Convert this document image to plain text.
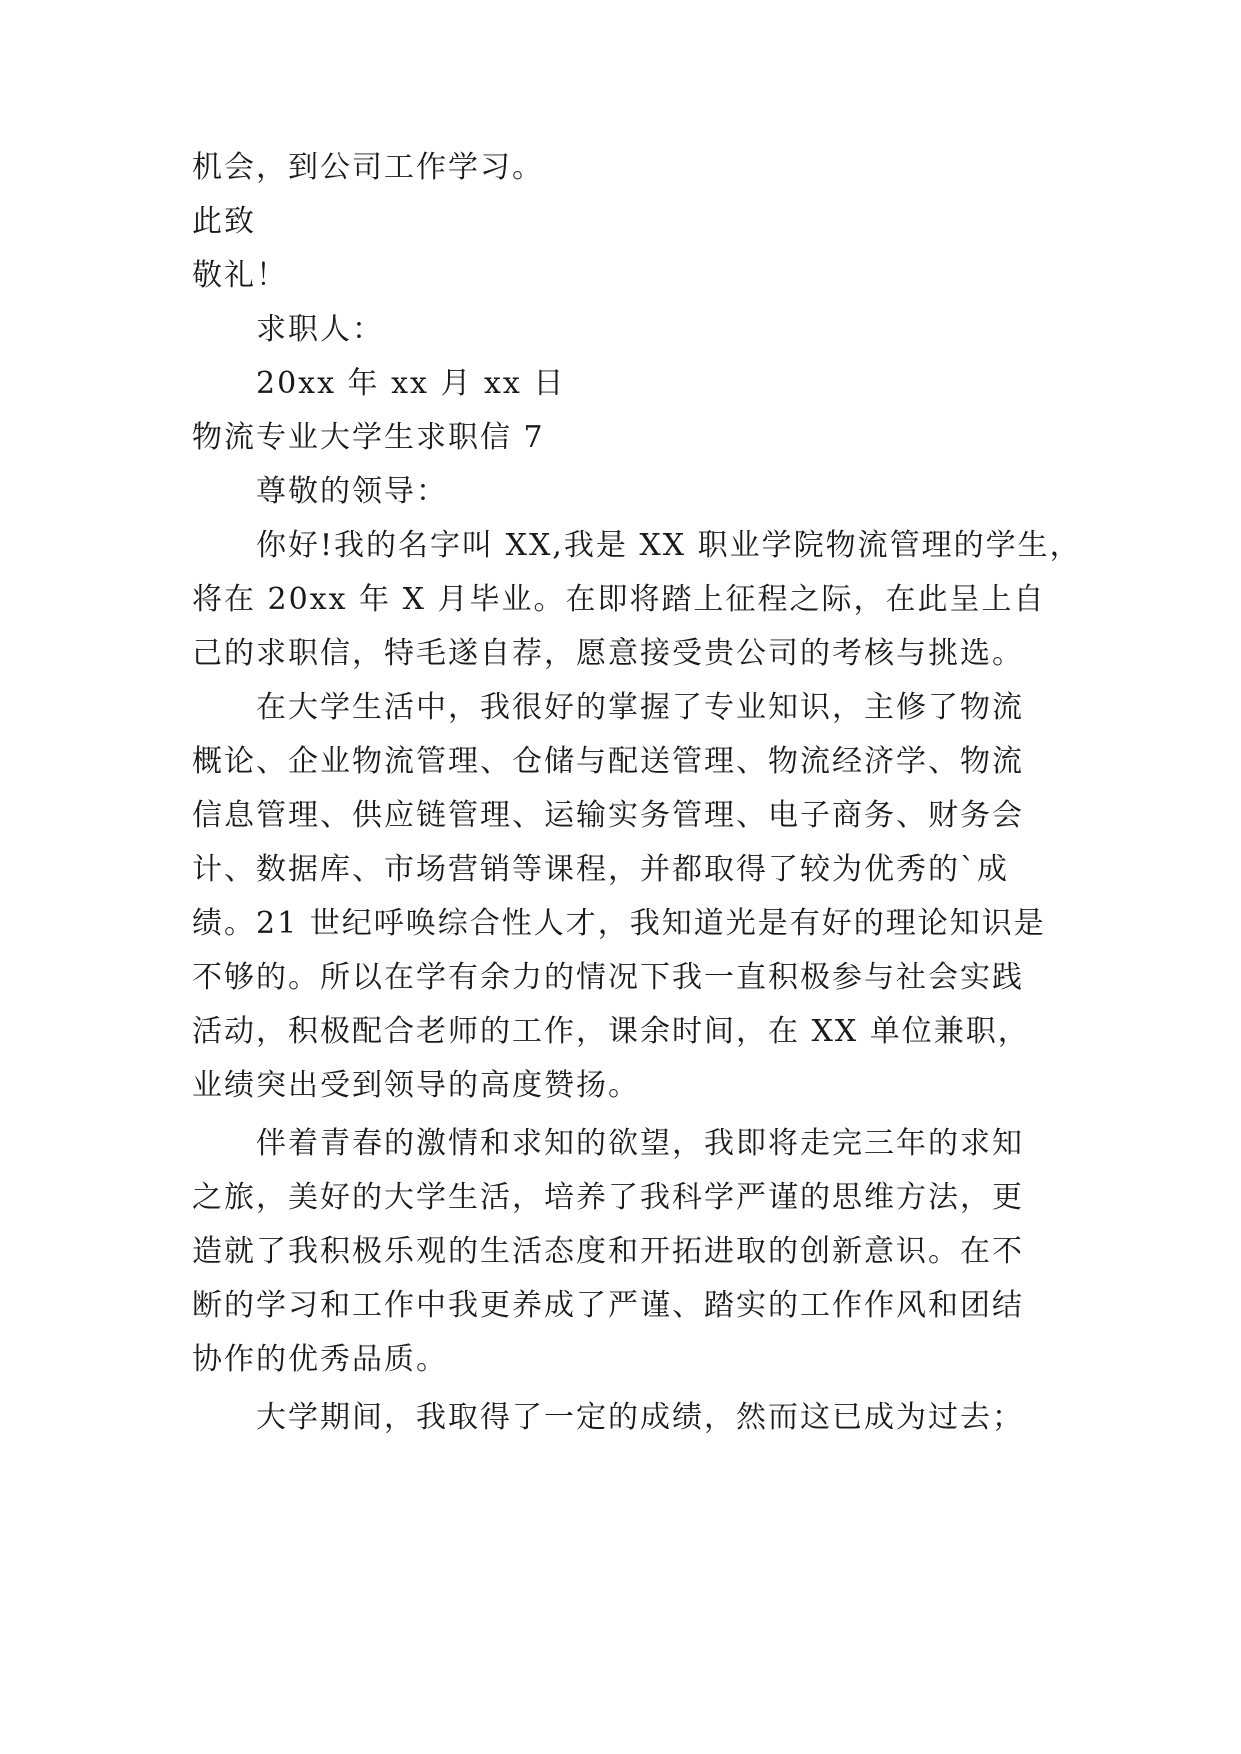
机会，到公司工作学习。
此致
敬礼！
求职人：
20xx 年 xx 月 xx 日
物流专业大学生求职信 7
尊敬的领导：
你好!我的名字叫 XX,我是 XX 职业学院物流管理的学生，
将在 20xx 年 X 月毕业。在即将踏上征程之际，在此呈上自
己的求职信，特毛遂自荐，愿意接受贵公司的考核与挑选。
在大学生活中，我很好的掌握了专业知识，主修了物流
概论、企业物流管理、仓储与配送管理、物流经济学、物流
信息管理、供应链管理、运输实务管理、电子商务、财务会
计、数据库、市场营销等课程，并都取得了较为优秀的`成
绩。21 世纪呼唤综合性人才，我知道光是有好的理论知识是
不够的。所以在学有余力的情况下我一直积极参与社会实践
活动，积极配合老师的工作，课余时间，在 XX 单位兼职，
业绩突出受到领导的高度赞扬。
伴着青春的激情和求知的欲望，我即将走完三年的求知
之旅，美好的大学生活，培养了我科学严谨的思维方法，更
造就了我积极乐观的生活态度和开拓进取的创新意识。在不
断的学习和工作中我更养成了严谨、踏实的工作作风和团结
协作的优秀品质。
大学期间，我取得了一定的成绩，然而这已成为过去；
